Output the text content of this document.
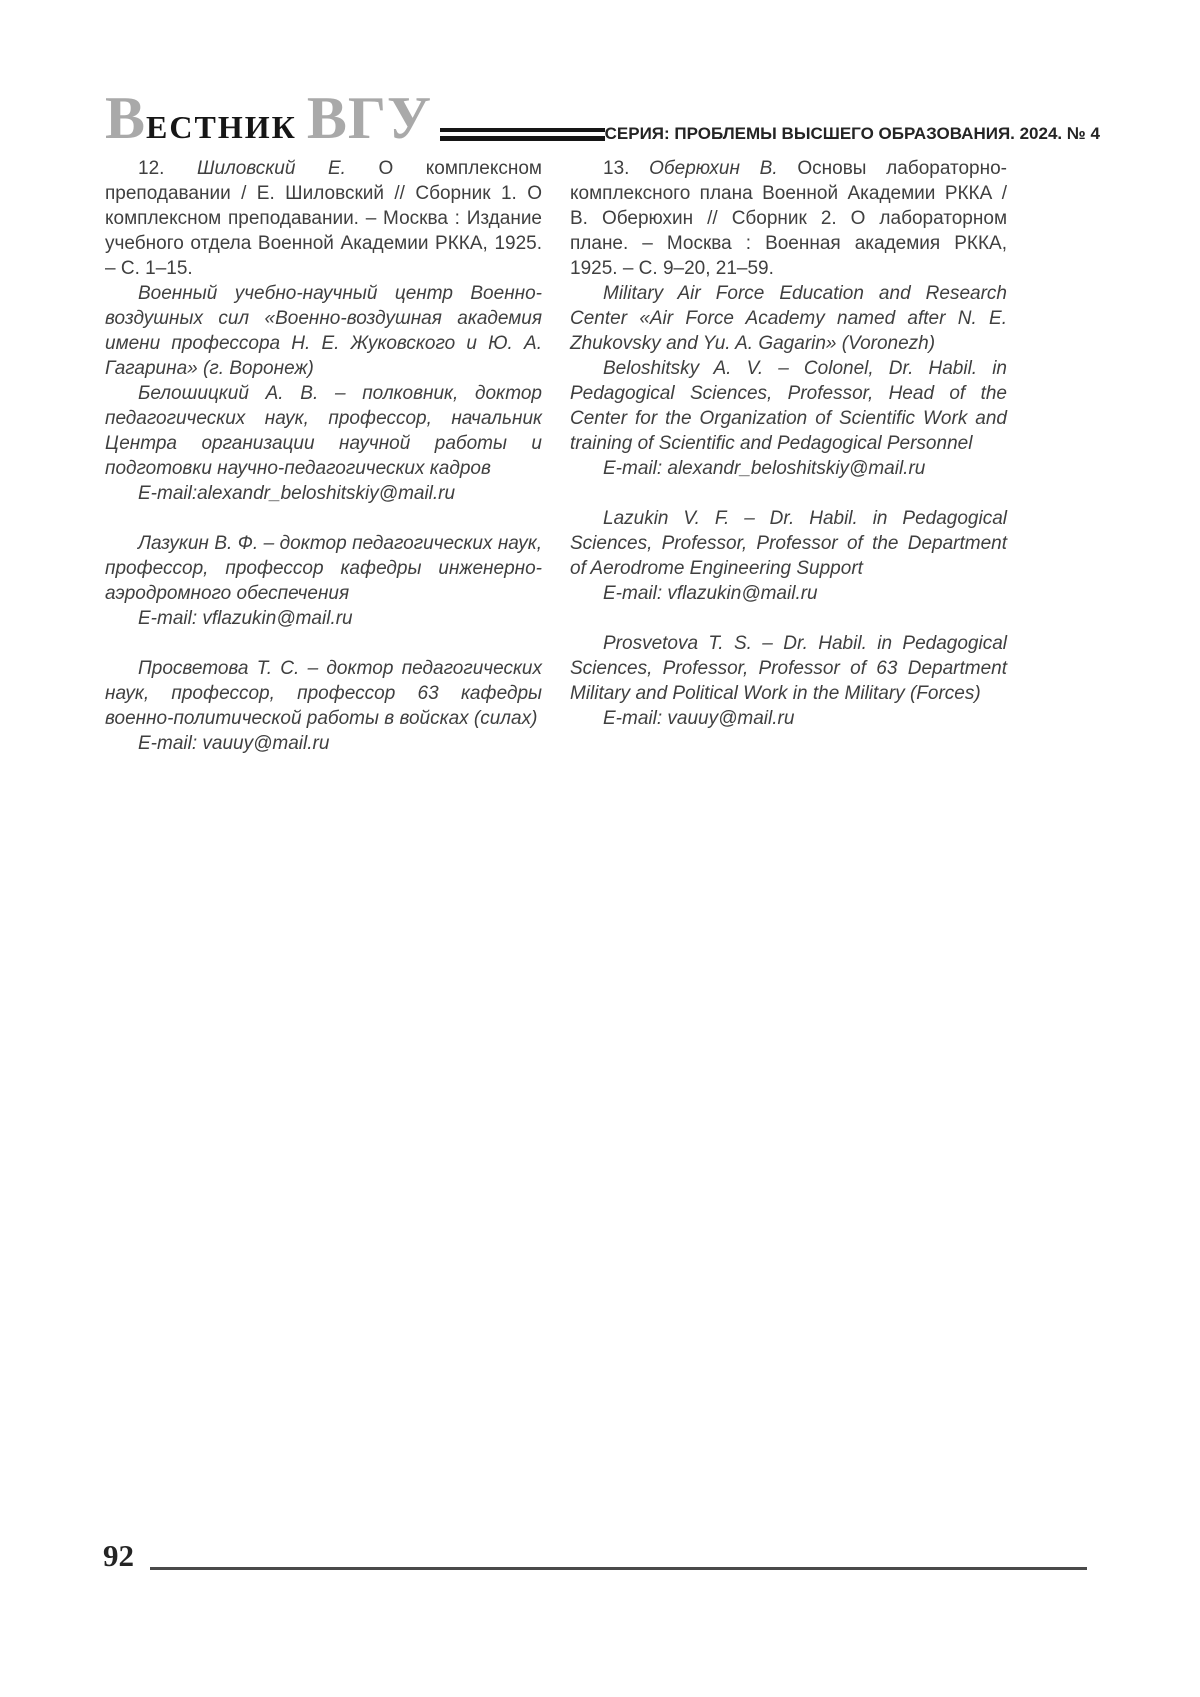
ВЕСТНИК ВГУ	СЕРИЯ: ПРОБЛЕМЫ ВЫСШЕГО ОБРАЗОВАНИЯ. 2024. № 4

12. Шиловский Е. О комплексном преподавании / Е. Шиловский // Сборник 1. О комплексном преподавании. – Москва : Издание учебного отдела Военной Академии РККА, 1925. – С. 1–15.

Военный учебно-научный центр Военно-воздушных сил «Военно-воздушная академия имени профессора Н. Е. Жуковского и Ю. А. Гагарина» (г. Воронеж)

Белошицкий А. В. – полковник, доктор педагогических наук, профессор, начальник Центра организации научной работы и подготовки научно-педагогических кадров

E-mail:alexandr_beloshitskiy@mail.ru

Лазукин В. Ф. – доктор педагогических наук, профессор, профессор кафедры инженерно-аэродромного обеспечения

E-mail: vflazukin@mail.ru

Просветова Т. С. – доктор педагогических наук, профессор, профессор 63 кафедры военно-политической работы в войсках (силах)

E-mail: vauuy@mail.ru

13. Оберюхин В. Основы лабораторно-комплексного плана Военной Академии РККА / В. Оберюхин // Сборник 2. О лабораторном плане. – Москва : Военная академия РККА, 1925. – С. 9–20, 21–59.

Military Air Force Education and Research Center «Air Force Academy named after N. E. Zhukovsky and Yu. A. Gagarin» (Voronezh)

Beloshitsky A. V. – Colonel, Dr. Habil. in Pedagogical Sciences, Professor, Head of the Center for the Organization of Scientific Work and training of Scientific and Pedagogical Personnel

E-mail: alexandr_beloshitskiy@mail.ru

Lazukin V. F. – Dr. Habil. in Pedagogical Sciences, Professor, Professor of the Department of Aerodrome Engineering Support

E-mail: vflazukin@mail.ru

Prosvetova T. S. – Dr. Habil. in Pedagogical Sciences, Professor, Professor of 63 Department Military and Political Work in the Military (Forces)

E-mail: vauuy@mail.ru

92
